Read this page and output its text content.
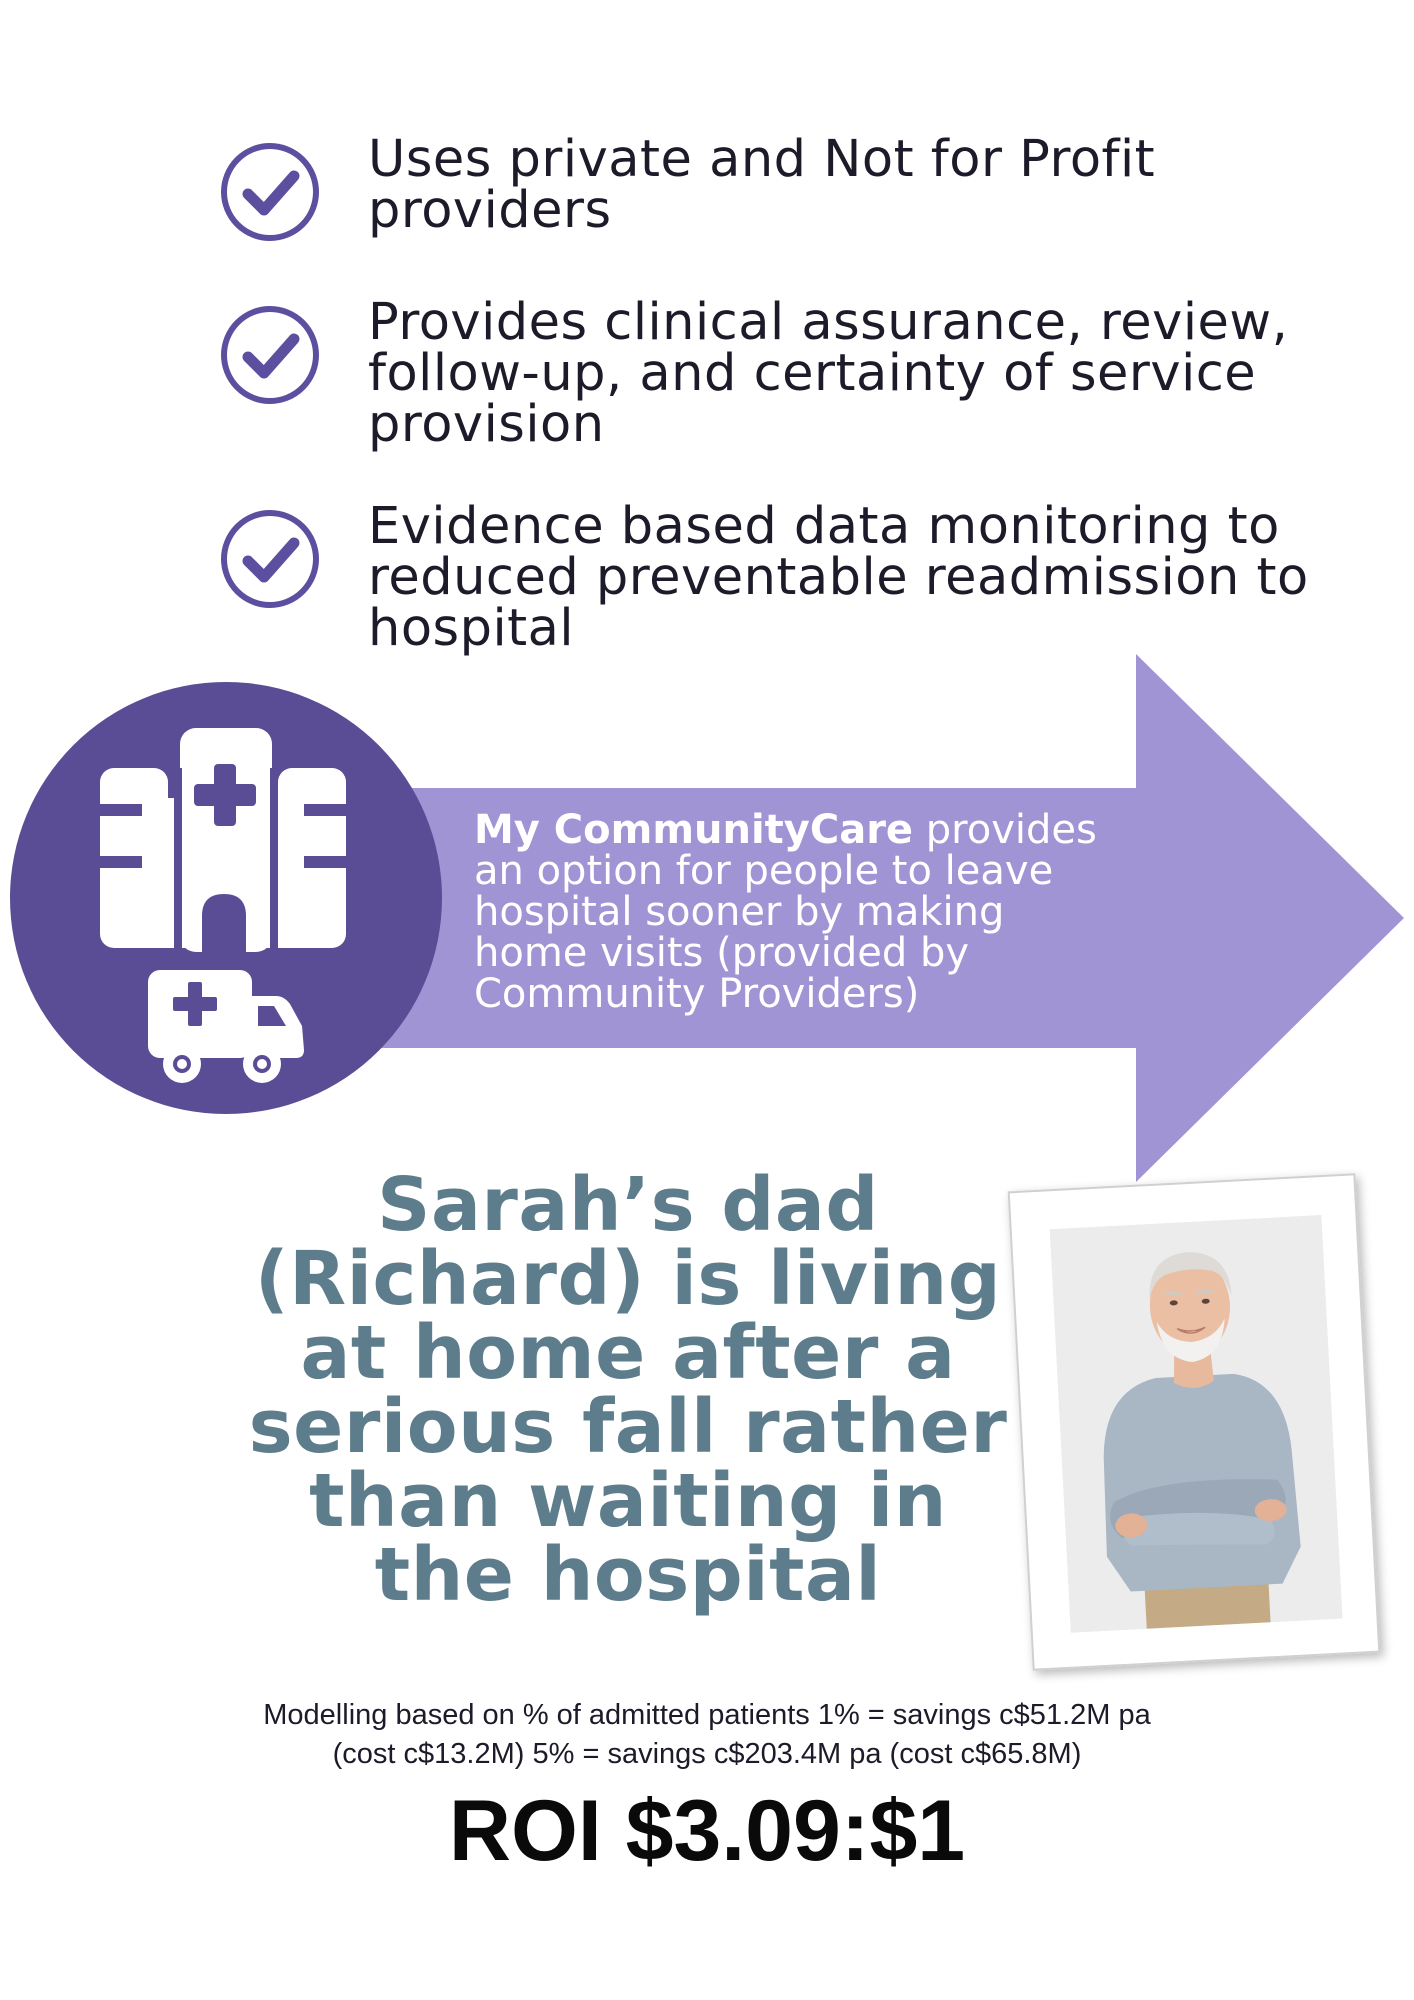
Uses private and Not for Profit providers
Provides clinical assurance, review, follow-up, and certainty of service provision
Evidence based data monitoring to reduced preventable readmission to hospital
My CommunityCare provides an option for people to leave hospital sooner by making home visits (provided by Community Providers)
Sarah’s dad (Richard) is living at home after a serious fall rather than waiting in the hospital
Modelling based on % of admitted patients 1% = savings c$51.2M pa
(cost c$13.2M) 5% = savings c$203.4M pa (cost c$65.8M)
ROI $3.09:$1
